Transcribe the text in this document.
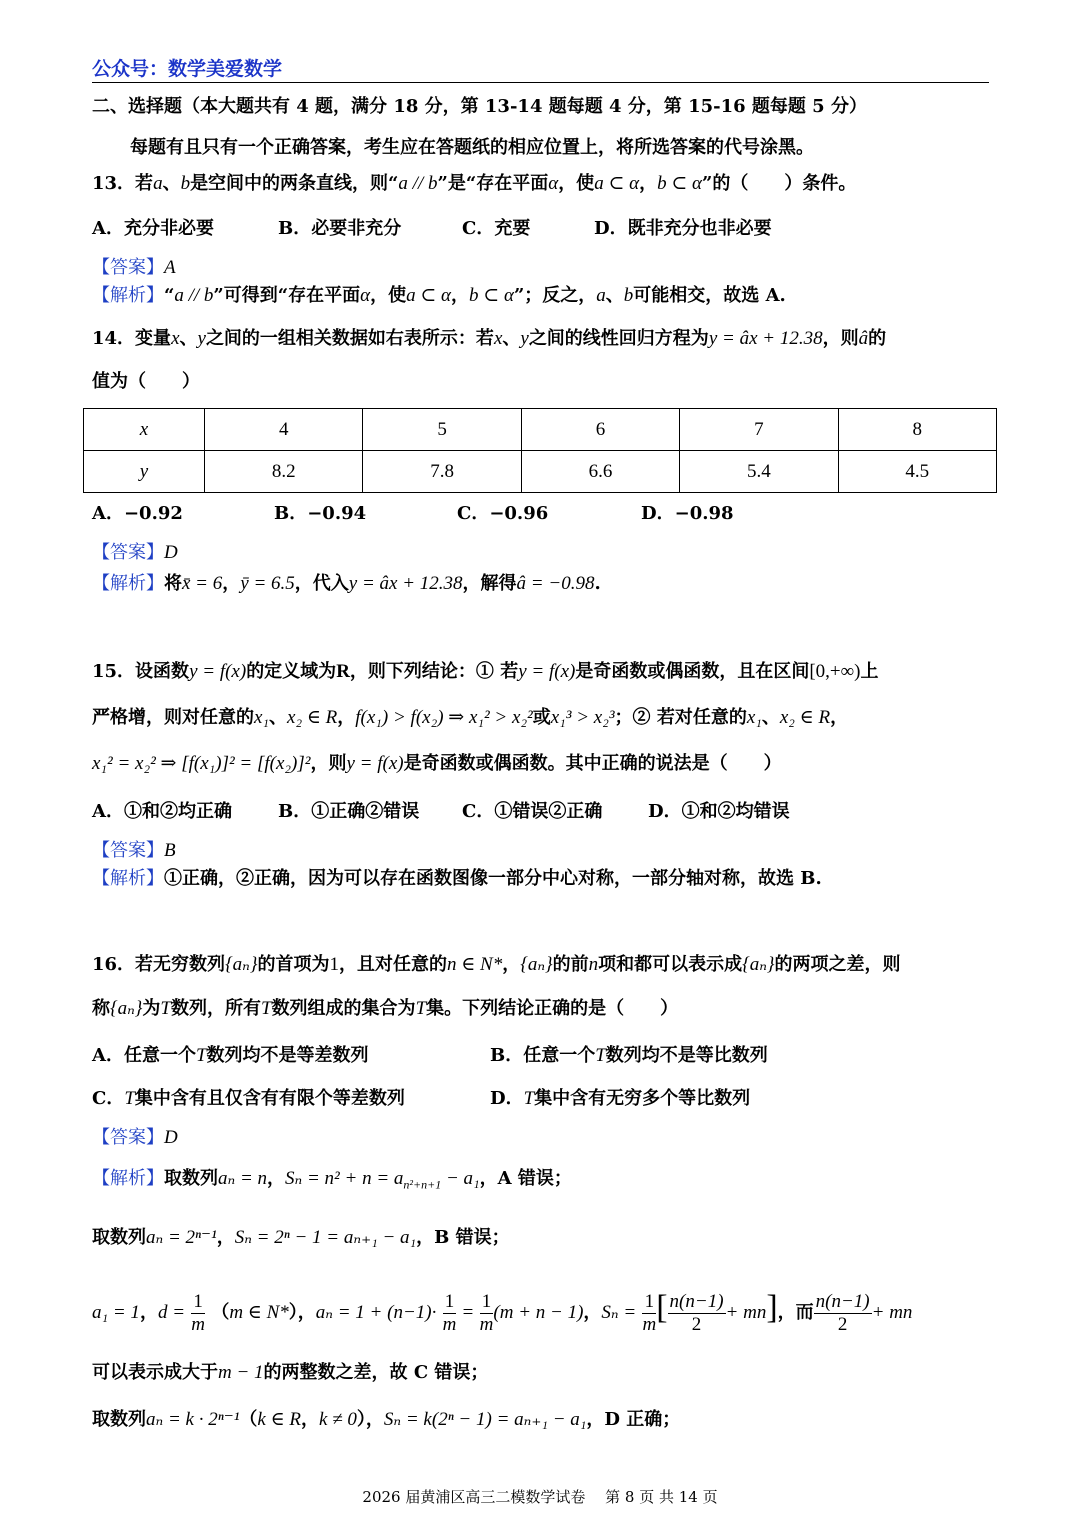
公众号：数学美爱数学
二、选择题（本大题共有 4 题，满分 18 分，第 13-14 题每题 4 分，第 15-16 题每题 5 分）
每题有且只有一个正确答案，考生应在答题纸的相应位置上，将所选答案的代号涂黑。
13．若a、b是空间中的两条直线，则“a // b”是“存在平面α，使a ⊂ α，b ⊂ α”的（　　）条件。
A．充分非必要	B．必要非充分	C．充要	D．既非充分也非必要
【答案】A
【解析】“a // b”可得到“存在平面α，使a ⊂ α，b ⊂ α”；反之，a、b可能相交，故选 A.
14．变量x、y之间的一组相关数据如右表所示：若x、y之间的线性回归方程为y = âx + 12.38，则â的
值为（　　）
x	4	5	6	7	8
y	8.2	7.8	6.6	5.4	4.5
A．−0.92	B．−0.94	C．−0.96	D．−0.98
【答案】D
【解析】将x̄ = 6，ȳ = 6.5，代入y = âx + 12.38，解得â = −0.98.
15．设函数y = f(x)的定义域为R，则下列结论：① 若y = f(x)是奇函数或偶函数，且在区间[0,+∞)上
严格增，则对任意的x₁、x₂ ∈ R，f(x₁) > f(x₂) ⇒ x₁² > x₂²或x₁³ > x₂³；② 若对任意的x₁、x₂ ∈ R，
x₁² = x₂² ⇒ [f(x₁)]² = [f(x₂)]²，则y = f(x)是奇函数或偶函数。其中正确的说法是（　　）
A．①和②均正确	B．①正确②错误 C．①错误②正确	D．①和②均错误
【答案】B
【解析】①正确，②正确，因为可以存在函数图像一部分中心对称，一部分轴对称，故选 B.
16．若无穷数列{aₙ}的首项为1，且对任意的n ∈ N*，{aₙ}的前n项和都可以表示成{aₙ}的两项之差，则
称{aₙ}为T数列，所有T数列组成的集合为T集。下列结论正确的是（　　）
A．任意一个T数列均不是等差数列	B．任意一个T数列均不是等比数列
C．T集中含有且仅含有有限个等差数列	D．T集中含有无穷多个等比数列
【答案】D
【解析】取数列aₙ = n，$S_n = n^2 + n = a_{n^2+n+1} - a_1$，A 错误；
取数列aₙ = 2ⁿ⁻¹，Sₙ = 2ⁿ − 1 = aₙ₊₁ − a₁，B 错误；
a₁ = 1，$d = \frac{1}{m} (m$ ∈ N*），$a_n = 1 + (n-1)\cdot \frac{1}{m} = \frac{1}{m} (m + n - 1)$，$S_n = \frac{1}{m}$ [ $\frac{n(n-1)}{2} + mn$]，而 $\frac{n(n-1)}{2}$ + mn
可以表示成大于m − 1的两整数之差，故 C 错误；
取数列aₙ = k · 2ⁿ⁻¹（k ∈ R，k ≠ 0），Sₙ = k(2ⁿ − 1) = aₙ₊₁ − a₁，D 正确；
2026 届黄浦区高三二模数学试卷　 第 8 页 共 14 页
